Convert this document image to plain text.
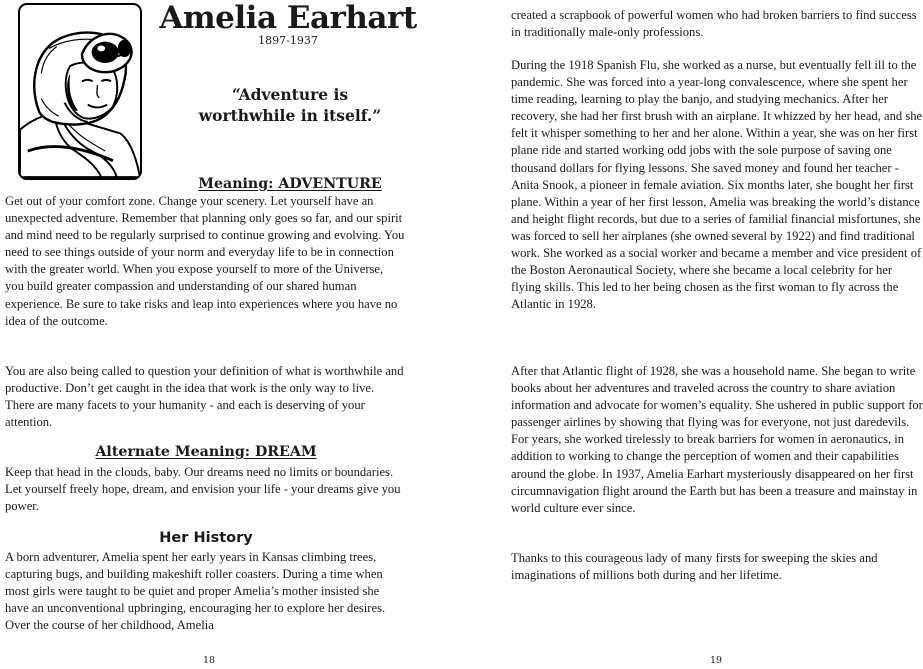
Amelia Earhart

1897-1937

“Adventure is worthwhile in itself.”

Meaning: ADVENTURE

Get out of your comfort zone. Change your scenery. Let yourself have an unexpected adventure. Remember that planning only goes so far, and our spirit and mind need to be regularly surprised to continue growing and evolving. You need to see things outside of your norm and everyday life to be in connection with the greater world. When you expose yourself to more of the Universe, you build greater compassion and understanding of our shared human experience. Be sure to take risks and leap into experiences where you have no idea of the outcome.

You are also being called to question your definition of what is worthwhile and productive. Don’t get caught in the idea that work is the only way to live. There are many facets to your humanity - and each is deserving of your attention.

Alternate Meaning: DREAM

Keep that head in the clouds, baby. Our dreams need no limits or boundaries. Let yourself freely hope, dream, and envision your life - your dreams give you power.

Her History

A born adventurer, Amelia spent her early years in Kansas climbing trees, capturing bugs, and building makeshift roller coasters. During a time when most girls were taught to be quiet and proper Amelia’s mother insisted she have an unconventional upbringing, encouraging her to explore her desires. Over the course of her childhood, Amelia

18

created a scrapbook of powerful women who had broken barriers to find success in traditionally male-only professions.

During the 1918 Spanish Flu, she worked as a nurse, but eventually fell ill to the pandemic. She was forced into a year-long convalescence, where she spent her time reading, learning to play the banjo, and studying mechanics. After her recovery, she had her first brush with an airplane. It whizzed by her head, and she felt it whisper something to her and her alone. Within a year, she was on her first plane ride and started working odd jobs with the sole purpose of saving one thousand dollars for flying lessons. She saved money and found her teacher - Anita Snook, a pioneer in female aviation. Six months later, she bought her first plane. Within a year of her first lesson, Amelia was breaking the world’s distance and height flight records, but due to a series of familial financial misfortunes, she was forced to sell her airplanes (she owned several by 1922) and find traditional work. She worked as a social worker and became a member and vice president of the Boston Aeronautical Society, where she became a local celebrity for her flying skills. This led to her being chosen as the first woman to fly across the Atlantic in 1928.

After that Atlantic flight of 1928, she was a household name. She began to write books about her adventures and traveled across the country to share aviation information and advocate for women’s equality. She ushered in public support for passenger airlines by showing that flying was for everyone, not just daredevils. For years, she worked tirelessly to break barriers for women in aeronautics, in addition to working to change the perception of women and their capabilities around the globe. In 1937, Amelia Earhart mysteriously disappeared on her first circumnavigation flight around the Earth but has been a treasure and mainstay in world culture ever since.

Thanks to this courageous lady of many firsts for sweeping the skies and imaginations of millions both during and her lifetime.

19
